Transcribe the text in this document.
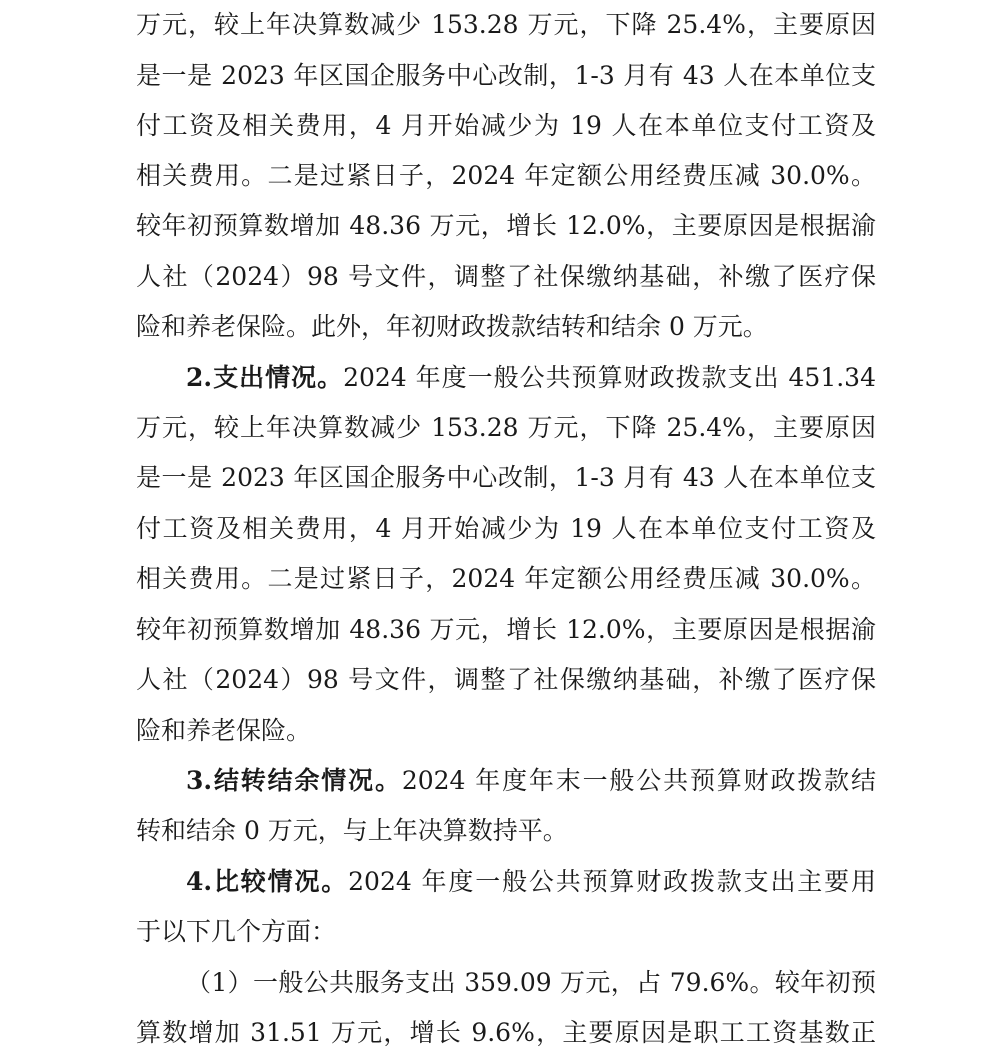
万元，较上年决算数减少 153.28 万元，下降 25.4%，主要原因
是一是 2023 年区国企服务中心改制，1-3 月有 43 人在本单位支
付工资及相关费用，4 月开始减少为 19 人在本单位支付工资及
相关费用。二是过紧日子，2024 年定额公用经费压减 30.0%。
较年初预算数增加 48.36 万元，增长 12.0%，主要原因是根据渝
人社（2024）98 号文件，调整了社保缴纳基础，补缴了医疗保
险和养老保险。此外，年初财政拨款结转和结余 0 万元。
2.支出情况。2024 年度一般公共预算财政拨款支出 451.34
万元，较上年决算数减少 153.28 万元，下降 25.4%，主要原因
是一是 2023 年区国企服务中心改制，1-3 月有 43 人在本单位支
付工资及相关费用，4 月开始减少为 19 人在本单位支付工资及
相关费用。二是过紧日子，2024 年定额公用经费压减 30.0%。
较年初预算数增加 48.36 万元，增长 12.0%，主要原因是根据渝
人社（2024）98 号文件，调整了社保缴纳基础，补缴了医疗保
险和养老保险。
3.结转结余情况。2024 年度年末一般公共预算财政拨款结
转和结余 0 万元，与上年决算数持平。
4.比较情况。2024 年度一般公共预算财政拨款支出主要用
于以下几个方面：
（1）一般公共服务支出 359.09 万元，占 79.6%。较年初预
算数增加 31.51 万元，增长 9.6%，主要原因是职工工资基数正
